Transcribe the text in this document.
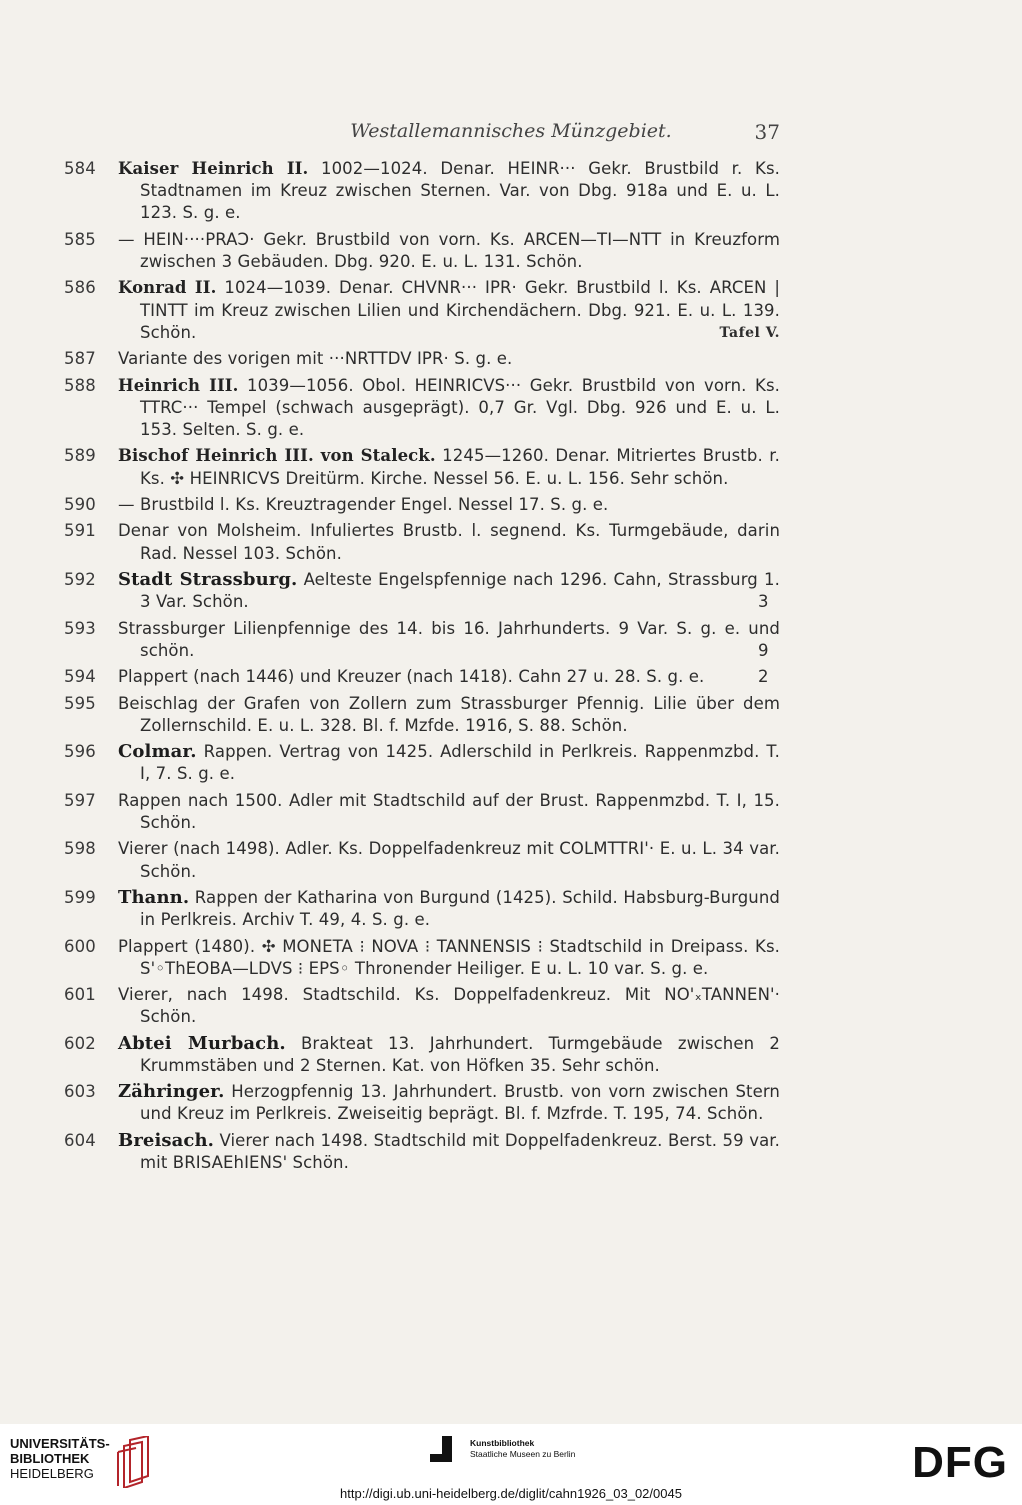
Westallemannisches Münzgebiet.	37
584	Kaiser Heinrich II. 1002—1024. Denar. HEINR··· Gekr. Brustbild r. Ks. Stadtnamen im Kreuz zwischen Sternen. Var. von Dbg. 918a und E. u. L. 123. S. g. e.
585	— HEIN····PRAƆ· Gekr. Brustbild von vorn. Ks. ARCEN—TI—NTT in Kreuzform zwischen 3 Gebäuden. Dbg. 920. E. u. L. 131. Schön.
586	Konrad II. 1024—1039. Denar. CHVNR··· IPR· Gekr. Brustbild l. Ks. ARCEN | TINTT im Kreuz zwischen Lilien und Kirchendächern. Dbg. 921. E. u. L. 139. Schön.	Tafel V.
587	Variante des vorigen mit ···NRTTDV IPR· S. g. e.
588	Heinrich III. 1039—1056. Obol. HEINRICVS··· Gekr. Brustbild von vorn. Ks. TTRC··· Tempel (schwach ausgeprägt). 0,7 Gr. Vgl. Dbg. 926 und E. u. L. 153. Selten. S. g. e.
589	Bischof Heinrich III. von Staleck. 1245—1260. Denar. Mitriertes Brustb. r. Ks. ✣ HEINRICVS Dreitürm. Kirche. Nessel 56. E. u. L. 156. Sehr schön.
590	— Brustbild l. Ks. Kreuztragender Engel. Nessel 17. S. g. e.
591	Denar von Molsheim. Infuliertes Brustb. l. segnend. Ks. Turmgebäude, darin Rad. Nessel 103. Schön.
592	Stadt Strassburg. Aelteste Engelspfennige nach 1296. Cahn, Strassburg 1. 3 Var. Schön.	3
593	Strassburger Lilienpfennige des 14. bis 16. Jahrhunderts. 9 Var. S. g. e. und schön.	9
594	Plappert (nach 1446) und Kreuzer (nach 1418). Cahn 27 u. 28. S. g. e.	2
595	Beischlag der Grafen von Zollern zum Strassburger Pfennig. Lilie über dem Zollernschild. E. u. L. 328. Bl. f. Mzfde. 1916, S. 88. Schön.
596	Colmar. Rappen. Vertrag von 1425. Adlerschild in Perlkreis. Rappenmzbd. T. I, 7. S. g. e.
597	Rappen nach 1500. Adler mit Stadtschild auf der Brust. Rappenmzbd. T. I, 15. Schön.
598	Vierer (nach 1498). Adler. Ks. Doppelfadenkreuz mit COLMTTRI'· E. u. L. 34 var. Schön.
599	Thann. Rappen der Katharina von Burgund (1425). Schild. Habsburg-Burgund in Perlkreis. Archiv T. 49, 4. S. g. e.
600	Plappert (1480). ✣ MONETA ⁝ NOVA ⁝ TANNENSIS ⁝ Stadtschild in Dreipass. Ks. S'◦ThEOBA—LDVS ⁝ EPS◦ Thronender Heiliger. E u. L. 10 var. S. g. e.
601	Vierer, nach 1498. Stadtschild. Ks. Doppelfadenkreuz. Mit NO'ₓTANNEN'· Schön.
602	Abtei Murbach. Brakteat 13. Jahrhundert. Turmgebäude zwischen 2 Krummstäben und 2 Sternen. Kat. von Höfken 35. Sehr schön.
603	Zähringer. Herzogpfennig 13. Jahrhundert. Brustb. von vorn zwischen Stern und Kreuz im Perlkreis. Zweiseitig beprägt. Bl. f. Mzfrde. T. 195, 74. Schön.
604	Breisach. Vierer nach 1498. Stadtschild mit Doppelfadenkreuz. Berst. 59 var. mit BRISAEhIENS' Schön.
UNIVERSITÄTS-
BIBLIOTHEK
HEIDELBERG
Kunstbibliothek
Staatliche Museen zu Berlin	DFG
http://digi.ub.uni-heidelberg.de/diglit/cahn1926_03_02/0045
